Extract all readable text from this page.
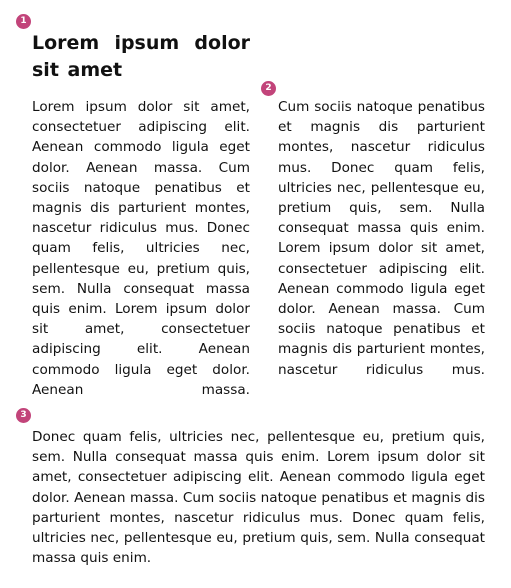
1
Lorem ipsum dolor sit amet

Lorem ipsum dolor sit amet, consectetuer adipiscing elit. Aenean commodo ligula eget dolor. Aenean massa. Cum sociis natoque penatibus et magnis dis parturient montes, nascetur ridiculus mus. Donec quam felis, ultricies nec, pellentesque eu, pretium quis, sem. Nulla consequat massa quis enim. Lorem ipsum dolor sit amet, consectetuer adipiscing elit. Aenean commodo ligula eget dolor. Aenean massa.

2

Cum sociis natoque penatibus et magnis dis parturient montes, nascetur ridiculus mus. Donec quam felis, ultricies nec, pellentesque eu, pretium quis, sem. Nulla consequat massa quis enim. Lorem ipsum dolor sit amet, consectetuer adipiscing elit. Aenean commodo ligula eget dolor. Aenean massa. Cum sociis natoque penatibus et magnis dis parturient montes, nascetur ridiculus mus.

3

Donec quam felis, ultricies nec, pellentesque eu, pretium quis, sem. Nulla consequat massa quis enim. Lorem ipsum dolor sit amet, consectetuer adipiscing elit. Aenean commodo ligula eget dolor. Aenean massa. Cum sociis natoque penatibus et magnis dis parturient montes, nascetur ridiculus mus. Donec quam felis, ultricies nec, pellentesque eu, pretium quis, sem. Nulla consequat massa quis enim.
